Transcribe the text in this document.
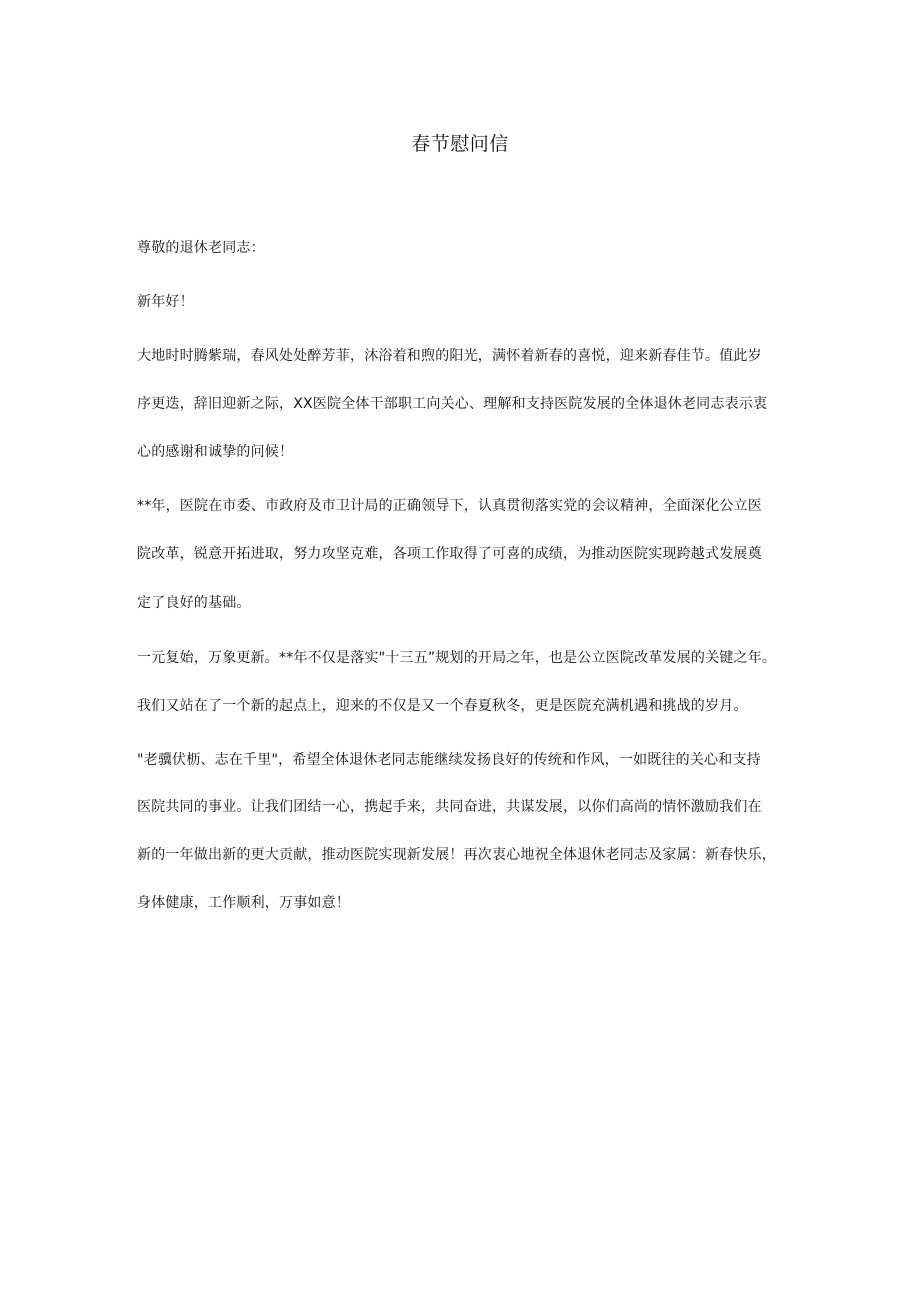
春节慰问信
尊敬的退休老同志：
新年好！
大地时时腾紫瑞，春风处处醉芳菲，沐浴着和煦的阳光，满怀着新春的喜悦，迎来新春佳节。值此岁
序更迭，辞旧迎新之际，XX医院全体干部职工向关心、理解和支持医院发展的全体退休老同志表示衷
心的感谢和诚挚的问候！
**年，医院在市委、市政府及市卫计局的正确领导下，认真贯彻落实党的会议精神，全面深化公立医
院改革，锐意开拓进取，努力攻坚克难，各项工作取得了可喜的成绩，为推动医院实现跨越式发展奠
定了良好的基础。
一元复始，万象更新。**年不仅是落实"十三五”规划的开局之年，也是公立医院改革发展的关键之年。
我们又站在了一个新的起点上，迎来的不仅是又一个春夏秋冬，更是医院充满机遇和挑战的岁月。
"老骥伏枥、志在千里"，希望全体退休老同志能继续发扬良好的传统和作风，一如既往的关心和支持
医院共同的事业。让我们团结一心，携起手来，共同奋进，共谋发展，以你们高尚的情怀激励我们在
新的一年做出新的更大贡献，推动医院实现新发展！再次衷心地祝全体退休老同志及家属：新春快乐，
身体健康，工作顺利，万事如意！
